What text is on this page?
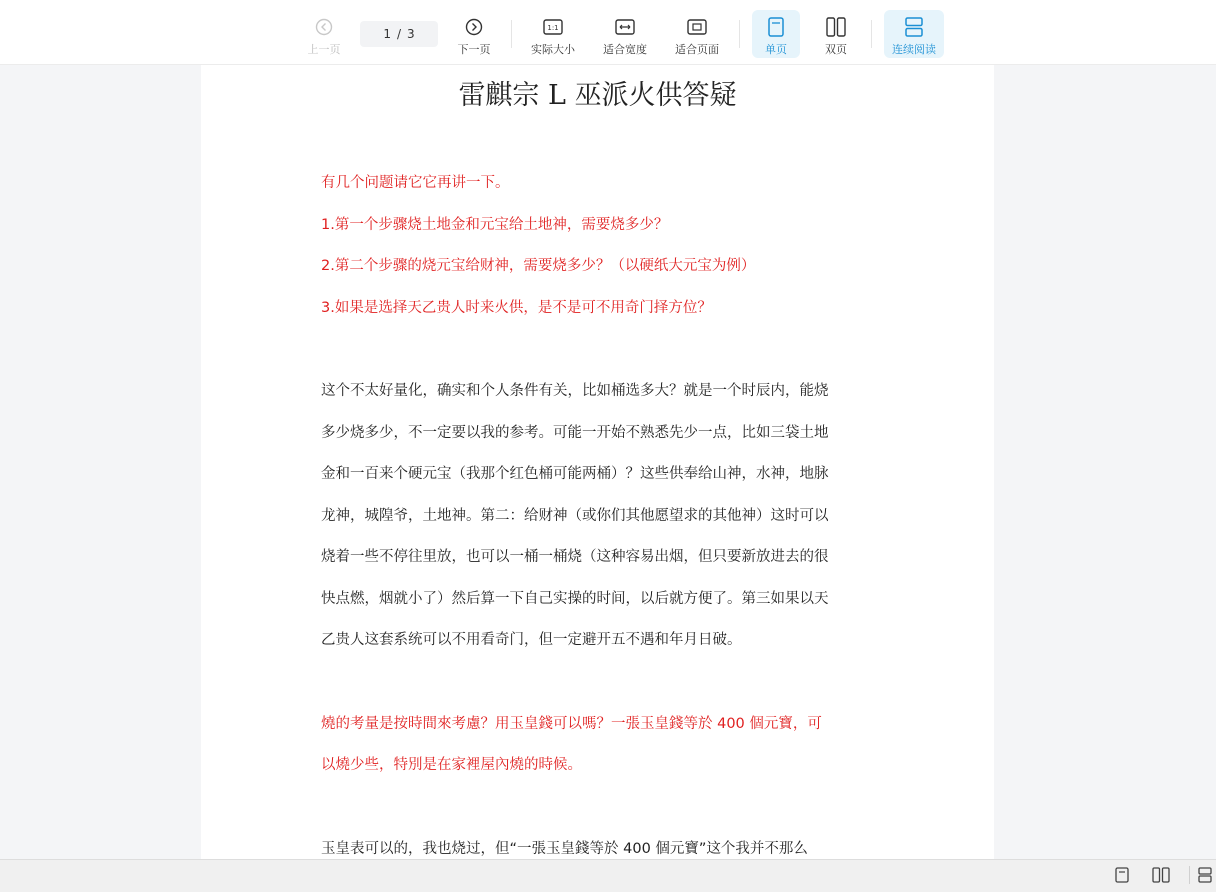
上一页
1 / 3
下一页
1:1
实际大小	适合宽度	适合页面	单页	双页	连续阅读
雷麒宗 L 巫派火供答疑
有几个问题请它它再讲一下。
1.第一个步骤烧土地金和元宝给土地神，需要烧多少？
2.第二个步骤的烧元宝给财神，需要烧多少？（以硬纸大元宝为例）
3.如果是选择天乙贵人时来火供，是不是可不用奇门择方位？
这个不太好量化，确实和个人条件有关，比如桶选多大？就是一个时辰内，能烧
多少烧多少，不一定要以我的参考。可能一开始不熟悉先少一点，比如三袋土地
金和一百来个硬元宝（我那个红色桶可能两桶）？这些供奉给山神，水神，地脉
龙神，城隍爷，土地神。第二：给财神（或你们其他愿望求的其他神）这时可以
烧着一些不停往里放，也可以一桶一桶烧（这种容易出烟，但只要新放进去的很
快点燃，烟就小了）然后算一下自己实操的时间，以后就方便了。第三如果以天
乙贵人这套系统可以不用看奇门，但一定避开五不遇和年月日破。
燒的考量是按時間來考慮？用玉皇錢可以嗎？一張玉皇錢等於 400 個元寶，可
以燒少些，特別是在家裡屋內燒的時候。
玉皇表可以的，我也烧过，但“一張玉皇錢等於 400 個元寶”这个我并不那么
